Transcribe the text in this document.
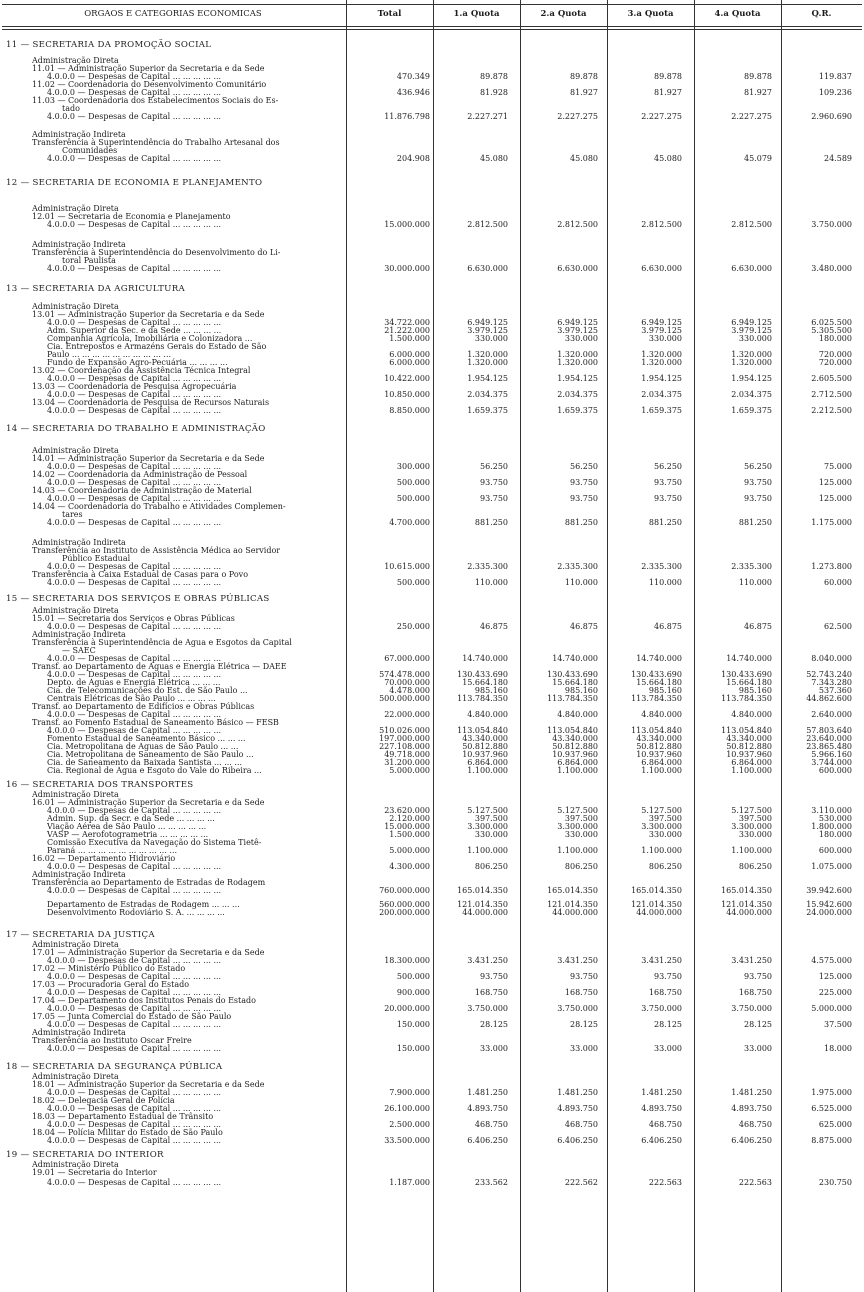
ORGAOS E CATEGORIAS ECONOMICAS	Total	1.a Quota	2.a Quota	3.a Quota	4.a Quota	Q.R.
11 — SECRETARIA DA PROMOÇÃO SOCIAL
Administração Direta
11.01 — Administração Superior da Secretaria e da Sede
4.0.0.0 — Despesas de Capital ... ... ... ... ...	470.349	89.878	89.878	89.878	89.878	119.837
11.02 — Coordenadoria do Desenvolvimento Comunitário
4.0.0.0 — Despesas de Capital ... ... ... ... ...	436.946	81.928	81.927	81.927	81.927	109.236
11.03 — Coordenadoria dos Estabelecimentos Sociais do Es-
tado
4.0.0.0 — Despesas de Capital ... ... ... ... ...	11.876.798	2.227.271	2.227.275	2.227.275	2.227.275	2.960.690
Administração Indireta
Transferência à Superintendência do Trabalho Artesanal dos
Comunidades
4.0.0.0 — Despesas de Capital ... ... ... ... ...	204.908	45.080	45.080	45.080	45.079	24.589
12 — SECRETARIA DE ECONOMIA E PLANEJAMENTO
Administração Direta
12.01 — Secretaria de Economia e Planejamento
4.0.0.0 — Despesas de Capital ... ... ... ... ...	15.000.000	2.812.500	2.812.500	2.812.500	2.812.500	3.750.000
Administração Indireta
Transferência à Superintendência do Desenvolvimento do Li-
toral Paulista
4.0.0.0 — Despesas de Capital ... ... ... ... ...	30.000.000	6.630.000	6.630.000	6.630.000	6.630.000	3.480.000
13 — SECRETARIA DA AGRICULTURA
Administração Direta
13.01 — Administração Superior da Secretaria e da Sede
4.0.0.0 — Despesas de Capital ... ... ... ... ...	34.722.000	6.949.125	6.949.125	6.949.125	6.949.125	6.025.500
Adm. Superior da Sec. e da Sede ... ... ... ...	21.222.000	3.979.125	3.979.125	3.979.125	3.979.125	5.305.500
Companhia Agrícola, Imobiliária e Colonizadora ...	1.500.000	330.000	330.000	330.000	330.000	180.000
Cia. Entrepostos e Armazéns Gerais do Estado de São
Paulo ... ... ... ... ... ... ... ... ... ...	6.000.000	1.320.000	1.320.000	1.320.000	1.320.000	720.000
Fundo de Expansão Agro-Pecuária ... ... ... ...	6.000.000	1.320.000	1.320.000	1.320.000	1.320.000	720.000
13.02 — Coordenação da Assistência Técnica Integral
4.0.0.0 — Despesas de Capital ... ... ... ... ...	10.422.000	1.954.125	1.954.125	1.954.125	1.954.125	2.605.500
13.03 — Coordenadoria de Pesquisa Agropecuária
4.0.0.0 — Despesas de Capital ... ... ... ... ...	10.850.000	2.034.375	2.034.375	2.034.375	2.034.375	2.712.500
13.04 — Coordenadoria de Pesquisa de Recursos Naturais
4.0.0.0 — Despesas de Capital ... ... ... ... ...	8.850.000	1.659.375	1.659.375	1.659.375	1.659.375	2.212.500
14 — SECRETARIA DO TRABALHO E ADMINISTRAÇÃO
Administração Direta
14.01 — Administração Superior da Secretaria e da Sede
4.0.0.0 — Despesas de Capital ... ... ... ... ...	300.000	56.250	56.250	56.250	56.250	75.000
14.02 — Coordenadoria da Administração de Pessoal
4.0.0.0 — Despesas de Capital ... ... ... ... ...	500.000	93.750	93.750	93.750	93.750	125.000
14.03 — Coordenadoria de Administração de Material
4.0.0.0 — Despesas de Capital ... ... ... ... ...	500.000	93.750	93.750	93.750	93.750	125.000
14.04 — Coordenadoria do Trabalho e Atividades Complemen-
tares
4.0.0.0 — Despesas de Capital ... ... ... ... ...	4.700.000	881.250	881.250	881.250	881.250	1.175.000
Administração Indireta
Transferência ao Instituto de Assistência Médica ao Servidor
Público Estadual
4.0.0.0 — Despesas de Capital ... ... ... ... ...	10.615.000	2.335.300	2.335.300	2.335.300	2.335.300	1.273.800
Transferência à Caixa Estadual de Casas para o Povo
4.0.0.0 — Despesas de Capital ... ... ... ... ...	500.000	110.000	110.000	110.000	110.000	60.000
15 — SECRETARIA DOS SERVIÇOS E OBRAS PÚBLICAS
Administração Direta
15.01 — Secretaria dos Serviços e Obras Públicas
4.0.0.0 — Despesas de Capital ... ... ... ... ...	250.000	46.875	46.875	46.875	46.875	62.500
Administração Indireta
Transferência à Superintendência de Água e Esgotos da Capital
— SAEC
4.0.0.0 — Despesas de Capital ... ... ... ... ...	67.000.000	14.740.000	14.740.000	14.740.000	14.740.000	8.040.000
Transf. ao Departamento de Águas e Energia Elétrica — DAEE
4.0.0.0 — Despesas de Capital ... ... ... ... ...	574.478.000	130.433.690	130.433.690	130.433.690	130.433.690	52.743.240
Depto. de Águas e Energia Elétrica ... ... ...	70.000.000	15.664.180	15.664.180	15.664.180	15.664.180	7.343.280
Cia. de Telecomunicações do Est. de São Paulo ...	4.478.000	985.160	985.160	985.160	985.160	537.360
Centrais Elétricas de São Paulo ... ... ... ...	500.000.000	113.784.350	113.784.350	113.784.350	113.784.350	44.862.600
Transf. ao Departamento de Edifícios e Obras Públicas
4.0.0.0 — Despesas de Capital ... ... ... ... ...	22.000.000	4.840.000	4.840.000	4.840.000	4.840.000	2.640.000
Transf. ao Fomento Estadual de Saneamento Básico — FESB
4.0.0.0 — Despesas de Capital ... ... ... ... ...	510.026.000	113.054.840	113.054.840	113.054.840	113.054.840	57.803.640
Fomento Estadual de Saneamento Básico ... ... ...	197.000.000	43.340.000	43.340.000	43.340.000	43.340.000	23.640.000
Cia. Metropolitana de Águas de São Paulo ... ...	227.108.000	50.812.880	50.812.880	50.812.880	50.812.880	23.865.480
Cia. Metropolitana de Saneamento de São Paulo ...	49.718.000	10.937.960	10.937.960	10.937.960	10.937.960	5.966.160
Cia. de Saneamento da Baixada Santista ... ... ...	31.200.000	6.864.000	6.864.000	6.864.000	6.864.000	3.744.000
Cia. Regional de Água e Esgoto do Vale do Ribeira ...	5.000.000	1.100.000	1.100.000	1.100.000	1.100.000	600.000
16 — SECRETARIA DOS TRANSPORTES
Administração Direta
16.01 — Administração Superior da Secretaria e da Sede
4.0.0.0 — Despesas de Capital ... ... ... ... ...	23.620.000	5.127.500	5.127.500	5.127.500	5.127.500	3.110.000
Admin. Sup. da Secr. e da Sede ... ... ... ...	2.120.000	397.500	397.500	397.500	397.500	530.000
Viação Aérea de São Paulo ... ... ... ... ...	15.000.000	3.300.000	3.300.000	3.300.000	3.300.000	1.800.000
VASP — Aerofotogrametria ... ... ... ... ...	1.500.000	330.000	330.000	330.000	330.000	180.000
Comissão Executiva da Navegação do Sistema Tietê-
Paraná ... ... ... ... ... ... ... ... ... ...	5.000.000	1.100.000	1.100.000	1.100.000	1.100.000	600.000
16.02 — Departamento Hidroviário
4.0.0.0 — Despesas de Capital ... ... ... ... ...	4.300.000	806.250	806.250	806.250	806.250	1.075.000
Administração Indireta
Transferência ao Departamento de Estradas de Rodagem
4.0.0.0 — Despesas de Capital ... ... ... ... ...	760.000.000	165.014.350	165.014.350	165.014.350	165.014.350	39.942.600
Departamento de Estradas de Rodagem ... ... ...	560.000.000	121.014.350	121.014.350	121.014.350	121.014.350	15.942.600
Desenvolvimento Rodoviário S. A. ... ... ... ...	200.000.000	44.000.000	44.000.000	44.000.000	44.000.000	24.000.000
17 — SECRETARIA DA JUSTIÇA
Administração Direta
17.01 — Administração Superior da Secretaria e da Sede
4.0.0.0 — Despesas de Capital ... ... ... ... ...	18.300.000	3.431.250	3.431.250	3.431.250	3.431.250	4.575.000
17.02 — Ministério Público do Estado
4.0.0.0 — Despesas de Capital ... ... ... ... ...	500.000	93.750	93.750	93.750	93.750	125.000
17.03 — Procuradoria Geral do Estado
4.0.0.0 — Despesas de Capital ... ... ... ... ...	900.000	168.750	168.750	168.750	168.750	225.000
17.04 — Departamento dos Institutos Penais do Estado
4.0.0.0 — Despesas de Capital ... ... ... ... ...	20.000.000	3.750.000	3.750.000	3.750.000	3.750.000	5.000.000
17.05 — Junta Comercial do Estado de São Paulo
4.0.0.0 — Despesas de Capital ... ... ... ... ...	150.000	28.125	28.125	28.125	28.125	37.500
Administração Indireta
Transferência ao Instituto Oscar Freire
4.0.0.0 — Despesas de Capital ... ... ... ... ...	150.000	33.000	33.000	33.000	33.000	18.000
18 — SECRETARIA DA SEGURANÇA PÚBLICA
Administração Direta
18.01 — Administração Superior da Secretaria e da Sede
4.0.0.0 — Despesas de Capital ... ... ... ... ...	7.900.000	1.481.250	1.481.250	1.481.250	1.481.250	1.975.000
18.02 — Delegacia Geral de Polícia
4.0.0.0 — Despesas de Capital ... ... ... ... ...	26.100.000	4.893.750	4.893.750	4.893.750	4.893.750	6.525.000
18.03 — Departamento Estadual de Trânsito
4.0.0.0 — Despesas de Capital ... ... ... ... ...	2.500.000	468.750	468.750	468.750	468.750	625.000
18.04 — Polícia Militar do Estado de São Paulo
4.0.0.0 — Despesas de Capital ... ... ... ... ...	33.500.000	6.406.250	6.406.250	6.406.250	6.406.250	8.875.000
19 — SECRETARIA DO INTERIOR
Administração Direta
19.01 — Secretaria do Interior
4.0.0.0 — Despesas de Capital ... ... ... ... ...	1.187.000	233.562	222.562	222.563	222.563	230.750
